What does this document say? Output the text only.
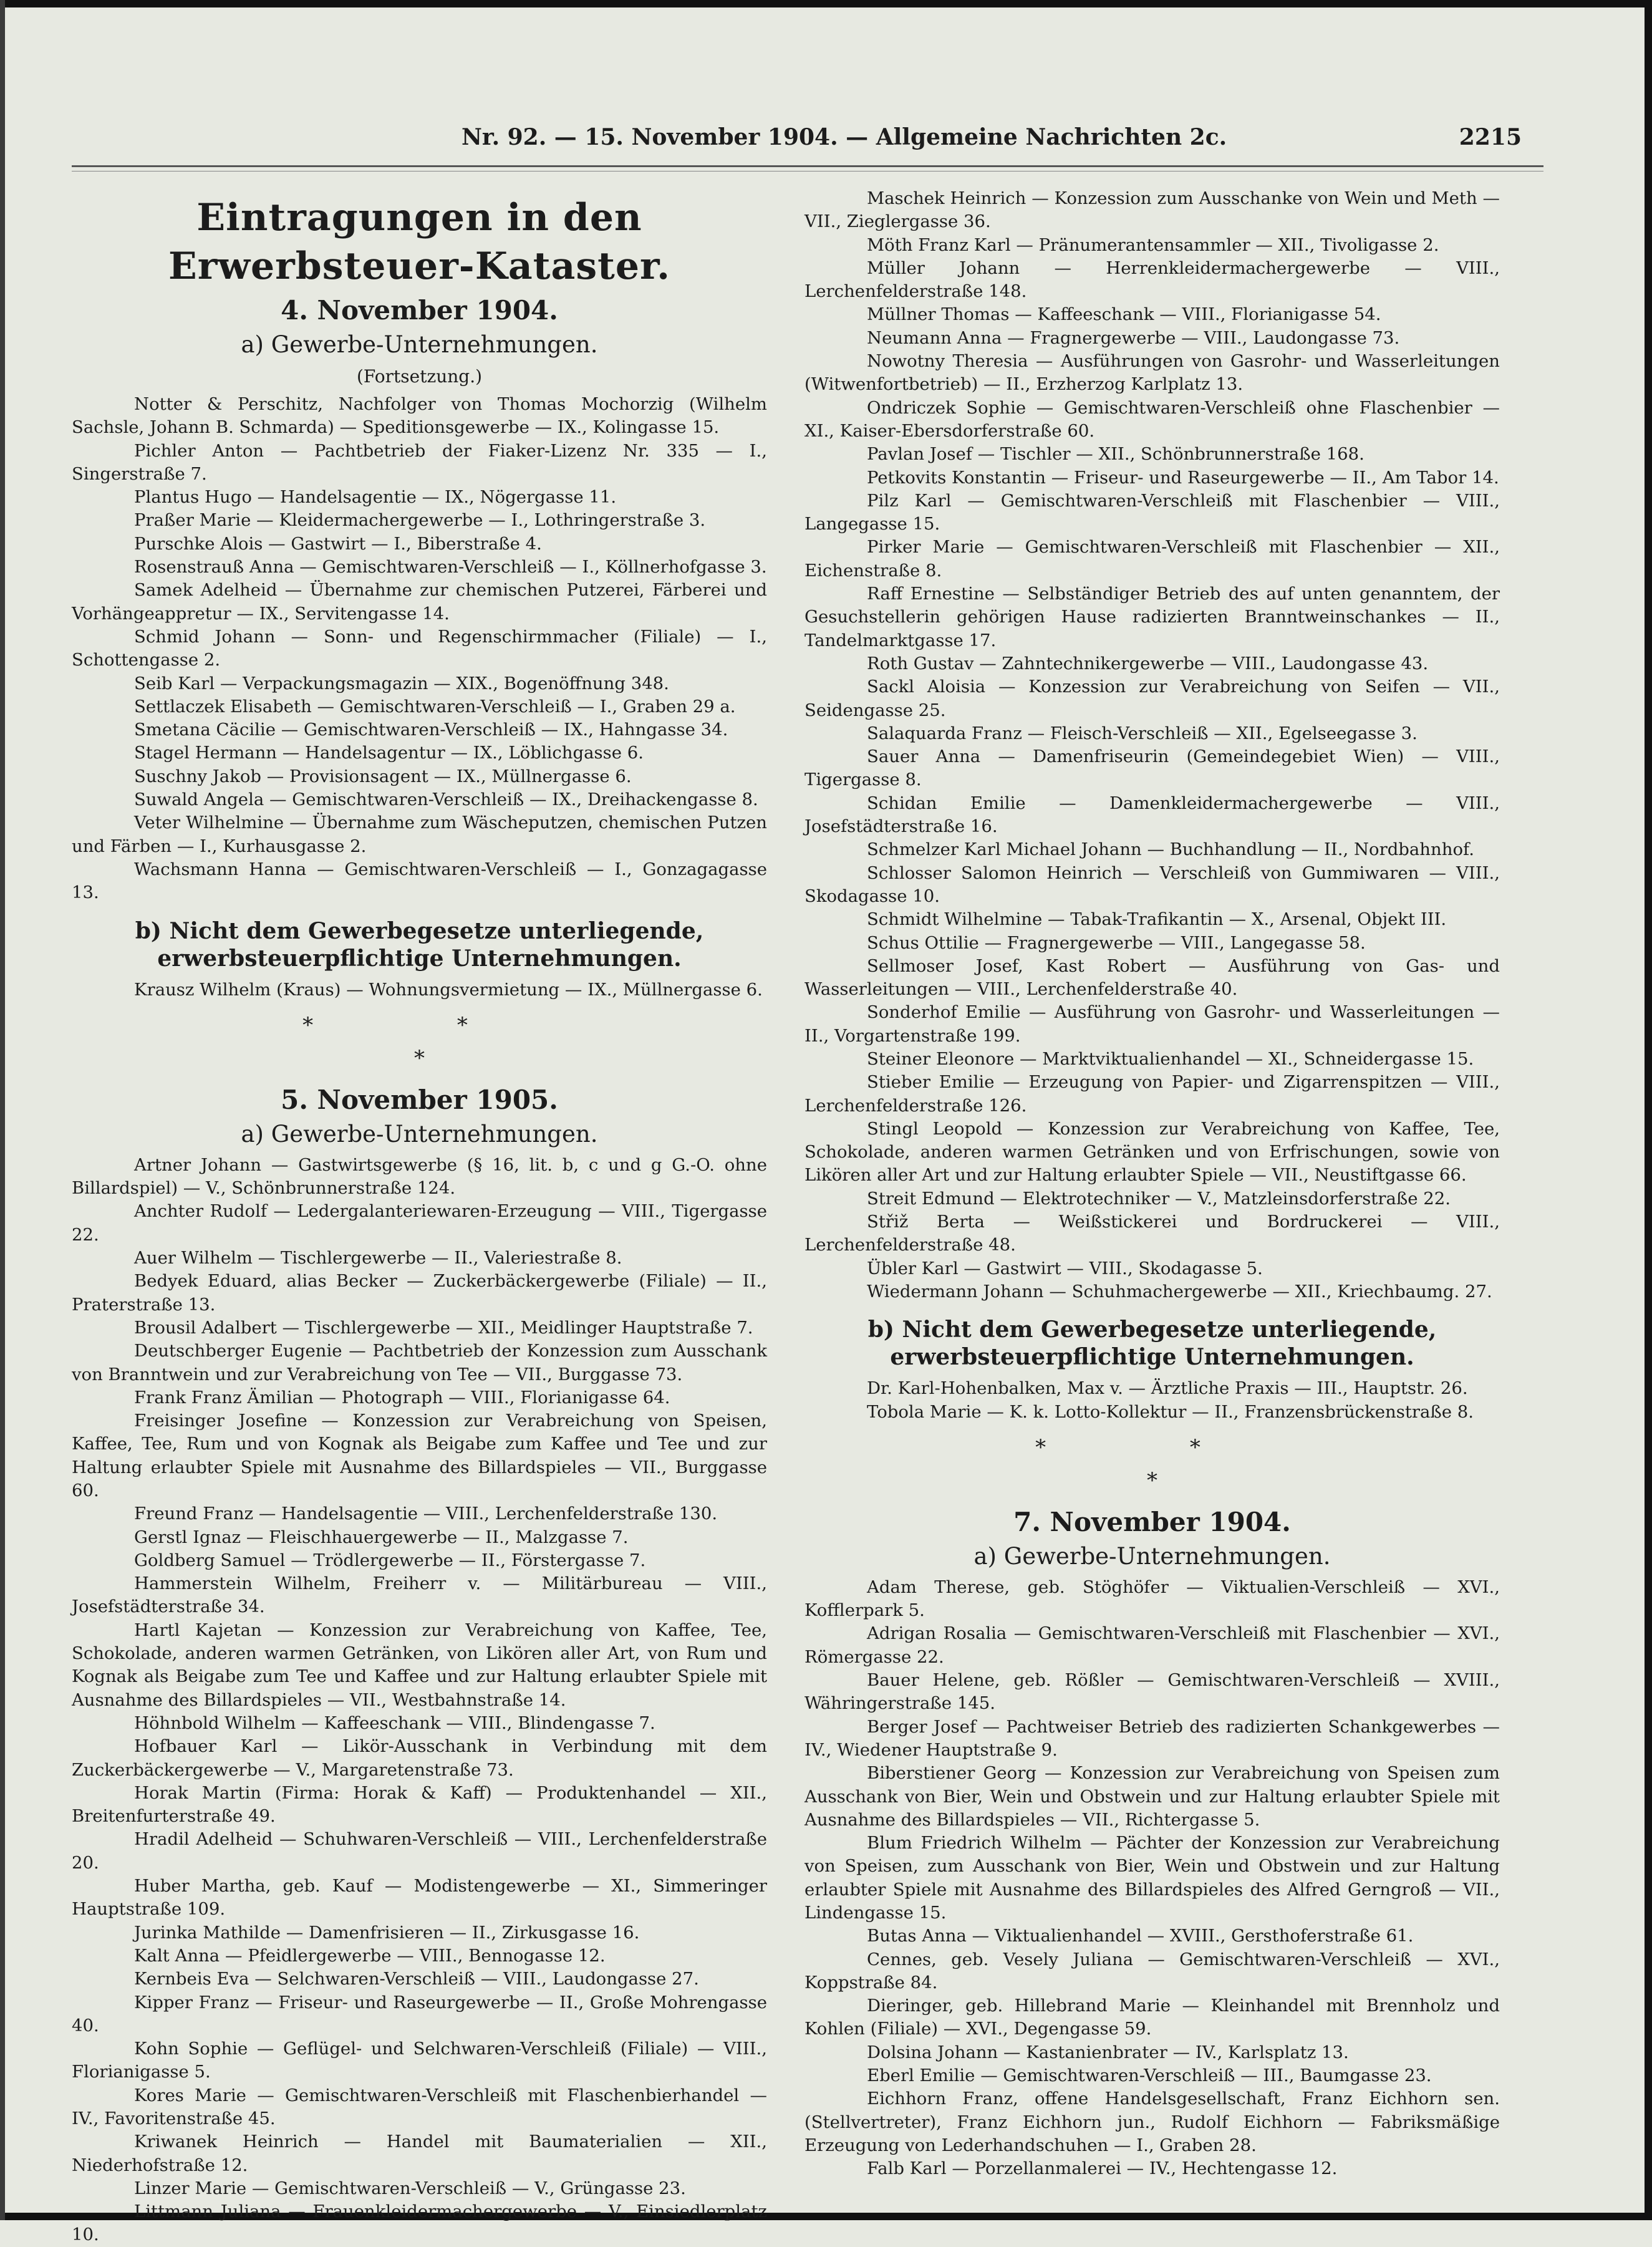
Nr. 92. — 15. November 1904. — Allgemeine Nachrichten 2c.	2215
Eintragungen in den Erwerbsteuer-Kataster.
4. November 1904.
a) Gewerbe-Unternehmungen.
(Fortsetzung.)

Notter & Perschitz, Nachfolger von Thomas Mochorzig (Wilhelm Sachsle, Johann B. Schmarda) — Speditionsgewerbe — IX., Kolingasse 15.

Pichler Anton — Pachtbetrieb der Fiaker-Lizenz Nr. 335 — I., Singerstraße 7.

Plantus Hugo — Handelsagentie — IX., Nögergasse 11.

Praßer Marie — Kleidermachergewerbe — I., Lothringerstraße 3.

Purschke Alois — Gastwirt — I., Biberstraße 4.

Rosenstrauß Anna — Gemischtwaren-Verschleiß — I., Köllnerhofgasse 3.

Samek Adelheid — Übernahme zur chemischen Putzerei, Färberei und Vorhängeappretur — IX., Servitengasse 14.

Schmid Johann — Sonn- und Regenschirmmacher (Filiale) — I., Schottengasse 2.

Seib Karl — Verpackungsmagazin — XIX., Bogenöffnung 348.

Settlaczek Elisabeth — Gemischtwaren-Verschleiß — I., Graben 29 a.

Smetana Cäcilie — Gemischtwaren-Verschleiß — IX., Hahngasse 34.

Stagel Hermann — Handelsagentur — IX., Löblichgasse 6.

Suschny Jakob — Provisionsagent — IX., Müllnergasse 6.

Suwald Angela — Gemischtwaren-Verschleiß — IX., Dreihackengasse 8.

Veter Wilhelmine — Übernahme zum Wäscheputzen, chemischen Putzen und Färben — I., Kurhausgasse 2.

Wachsmann Hanna — Gemischtwaren-Verschleiß — I., Gonzagagasse 13.

b) Nicht dem Gewerbegesetze unterliegende, erwerbsteuerpflichtige Unternehmungen.

Krausz Wilhelm (Kraus) — Wohnungsvermietung — IX., Müllnergasse 6.

* *
*
5. November 1905.
a) Gewerbe-Unternehmungen.

Artner Johann — Gastwirtsgewerbe (§ 16, lit. b, c und g G.-O. ohne Billardspiel) — V., Schönbrunnerstraße 124.

Anchter Rudolf — Ledergalanteriewaren-Erzeugung — VIII., Tigergasse 22.

Auer Wilhelm — Tischlergewerbe — II., Valeriestraße 8.

Bedyek Eduard, alias Becker — Zuckerbäckergewerbe (Filiale) — II., Praterstraße 13.

Brousil Adalbert — Tischlergewerbe — XII., Meidlinger Hauptstraße 7.

Deutschberger Eugenie — Pachtbetrieb der Konzession zum Ausschank von Branntwein und zur Verabreichung von Tee — VII., Burggasse 73.

Frank Franz Ämilian — Photograph — VIII., Florianigasse 64.

Freisinger Josefine — Konzession zur Verabreichung von Speisen, Kaffee, Tee, Rum und von Kognak als Beigabe zum Kaffee und Tee und zur Haltung erlaubter Spiele mit Ausnahme des Billardspieles — VII., Burggasse 60.

Freund Franz — Handelsagentie — VIII., Lerchenfelderstraße 130.

Gerstl Ignaz — Fleischhauergewerbe — II., Malzgasse 7.

Goldberg Samuel — Trödlergewerbe — II., Förstergasse 7.

Hammerstein Wilhelm, Freiherr v. — Militärbureau — VIII., Josefstädterstraße 34.

Hartl Kajetan — Konzession zur Verabreichung von Kaffee, Tee, Schokolade, anderen warmen Getränken, von Likören aller Art, von Rum und Kognak als Beigabe zum Tee und Kaffee und zur Haltung erlaubter Spiele mit Ausnahme des Billardspieles — VII., Westbahnstraße 14.

Höhnbold Wilhelm — Kaffeeschank — VIII., Blindengasse 7.

Hofbauer Karl — Likör-Ausschank in Verbindung mit dem Zuckerbäckergewerbe — V., Margaretenstraße 73.

Horak Martin (Firma: Horak & Kaff) — Produktenhandel — XII., Breitenfurterstraße 49.

Hradil Adelheid — Schuhwaren-Verschleiß — VIII., Lerchenfelderstraße 20.

Huber Martha, geb. Kauf — Modistengewerbe — XI., Simmeringer Hauptstraße 109.

Jurinka Mathilde — Damenfrisieren — II., Zirkusgasse 16.

Kalt Anna — Pfeidlergewerbe — VIII., Bennogasse 12.

Kernbeis Eva — Selchwaren-Verschleiß — VIII., Laudongasse 27.

Kipper Franz — Friseur- und Raseurgewerbe — II., Große Mohrengasse 40.

Kohn Sophie — Geflügel- und Selchwaren-Verschleiß (Filiale) — VIII., Florianigasse 5.

Kores Marie — Gemischtwaren-Verschleiß mit Flaschenbierhandel — IV., Favoritenstraße 45.

Kriwanek Heinrich — Handel mit Baumaterialien — XII., Niederhofstraße 12.

Linzer Marie — Gemischtwaren-Verschleiß — V., Grüngasse 23.

Littmann Juliana — Frauenkleidermachergewerbe — V., Einsiedlerplatz 10.

Maschek Heinrich — Konzession zum Ausschanke von Wein und Meth — VII., Zieglergasse 36.

Möth Franz Karl — Pränumerantensammler — XII., Tivoligasse 2.

Müller Johann — Herrenkleidermachergewerbe — VIII., Lerchenfelderstraße 148.

Müllner Thomas — Kaffeeschank — VIII., Florianigasse 54.

Neumann Anna — Fragnergewerbe — VIII., Laudongasse 73.

Nowotny Theresia — Ausführungen von Gasrohr- und Wasserleitungen (Witwenfortbetrieb) — II., Erzherzog Karlplatz 13.

Ondriczek Sophie — Gemischtwaren-Verschleiß ohne Flaschenbier — XI., Kaiser-Ebersdorferstraße 60.

Pavlan Josef — Tischler — XII., Schönbrunnerstraße 168.

Petkovits Konstantin — Friseur- und Raseurgewerbe — II., Am Tabor 14.

Pilz Karl — Gemischtwaren-Verschleiß mit Flaschenbier — VIII., Langegasse 15.

Pirker Marie — Gemischtwaren-Verschleiß mit Flaschenbier — XII., Eichenstraße 8.

Raff Ernestine — Selbständiger Betrieb des auf unten genanntem, der Gesuchstellerin gehörigen Hause radizierten Branntweinschankes — II., Tandelmarktgasse 17.

Roth Gustav — Zahntechnikergewerbe — VIII., Laudongasse 43.

Sackl Aloisia — Konzession zur Verabreichung von Seifen — VII., Seidengasse 25.

Salaquarda Franz — Fleisch-Verschleiß — XII., Egelseegasse 3.

Sauer Anna — Damenfriseurin (Gemeindegebiet Wien) — VIII., Tigergasse 8.

Schidan Emilie — Damenkleidermachergewerbe — VIII., Josefstädterstraße 16.

Schmelzer Karl Michael Johann — Buchhandlung — II., Nordbahnhof.

Schlosser Salomon Heinrich — Verschleiß von Gummiwaren — VIII., Skodagasse 10.

Schmidt Wilhelmine — Tabak-Trafikantin — X., Arsenal, Objekt III.

Schus Ottilie — Fragnergewerbe — VIII., Langegasse 58.

Sellmoser Josef, Kast Robert — Ausführung von Gas- und Wasserleitungen — VIII., Lerchenfelderstraße 40.

Sonderhof Emilie — Ausführung von Gasrohr- und Wasserleitungen — II., Vorgartenstraße 199.

Steiner Eleonore — Marktviktualienhandel — XI., Schneidergasse 15.

Stieber Emilie — Erzeugung von Papier- und Zigarrenspitzen — VIII., Lerchenfelderstraße 126.

Stingl Leopold — Konzession zur Verabreichung von Kaffee, Tee, Schokolade, anderen warmen Getränken und von Erfrischungen, sowie von Likören aller Art und zur Haltung erlaubter Spiele — VII., Neustiftgasse 66.

Streit Edmund — Elektrotechniker — V., Matzleinsdorferstraße 22.

Střiž Berta — Weißstickerei und Bordruckerei — VIII., Lerchenfelderstraße 48.

Übler Karl — Gastwirt — VIII., Skodagasse 5.

Wiedermann Johann — Schuhmachergewerbe — XII., Kriechbaumg. 27.

b) Nicht dem Gewerbegesetze unterliegende, erwerbsteuerpflichtige Unternehmungen.

Dr. Karl-Hohenbalken, Max v. — Ärztliche Praxis — III., Hauptstr. 26.

Tobola Marie — K. k. Lotto-Kollektur — II., Franzensbrückenstraße 8.

* *
*
7. November 1904.
a) Gewerbe-Unternehmungen.

Adam Therese, geb. Stöghöfer — Viktualien-Verschleiß — XVI., Kofflerpark 5.

Adrigan Rosalia — Gemischtwaren-Verschleiß mit Flaschenbier — XVI., Römergasse 22.

Bauer Helene, geb. Rößler — Gemischtwaren-Verschleiß — XVIII., Währingerstraße 145.

Berger Josef — Pachtweiser Betrieb des radizierten Schankgewerbes — IV., Wiedener Hauptstraße 9.

Biberstiener Georg — Konzession zur Verabreichung von Speisen zum Ausschank von Bier, Wein und Obstwein und zur Haltung erlaubter Spiele mit Ausnahme des Billardspieles — VII., Richtergasse 5.

Blum Friedrich Wilhelm — Pächter der Konzession zur Verabreichung von Speisen, zum Ausschank von Bier, Wein und Obstwein und zur Haltung erlaubter Spiele mit Ausnahme des Billardspieles des Alfred Gerngroß — VII., Lindengasse 15.

Butas Anna — Viktualienhandel — XVIII., Gersthoferstraße 61.

Cennes, geb. Vesely Juliana — Gemischtwaren-Verschleiß — XVI., Koppstraße 84.

Dieringer, geb. Hillebrand Marie — Kleinhandel mit Brennholz und Kohlen (Filiale) — XVI., Degengasse 59.

Dolsina Johann — Kastanienbrater — IV., Karlsplatz 13.

Eberl Emilie — Gemischtwaren-Verschleiß — III., Baumgasse 23.

Eichhorn Franz, offene Handelsgesellschaft, Franz Eichhorn sen. (Stellvertreter), Franz Eichhorn jun., Rudolf Eichhorn — Fabriksmäßige Erzeugung von Lederhandschuhen — I., Graben 28.

Falb Karl — Porzellanmalerei — IV., Hechtengasse 12.
